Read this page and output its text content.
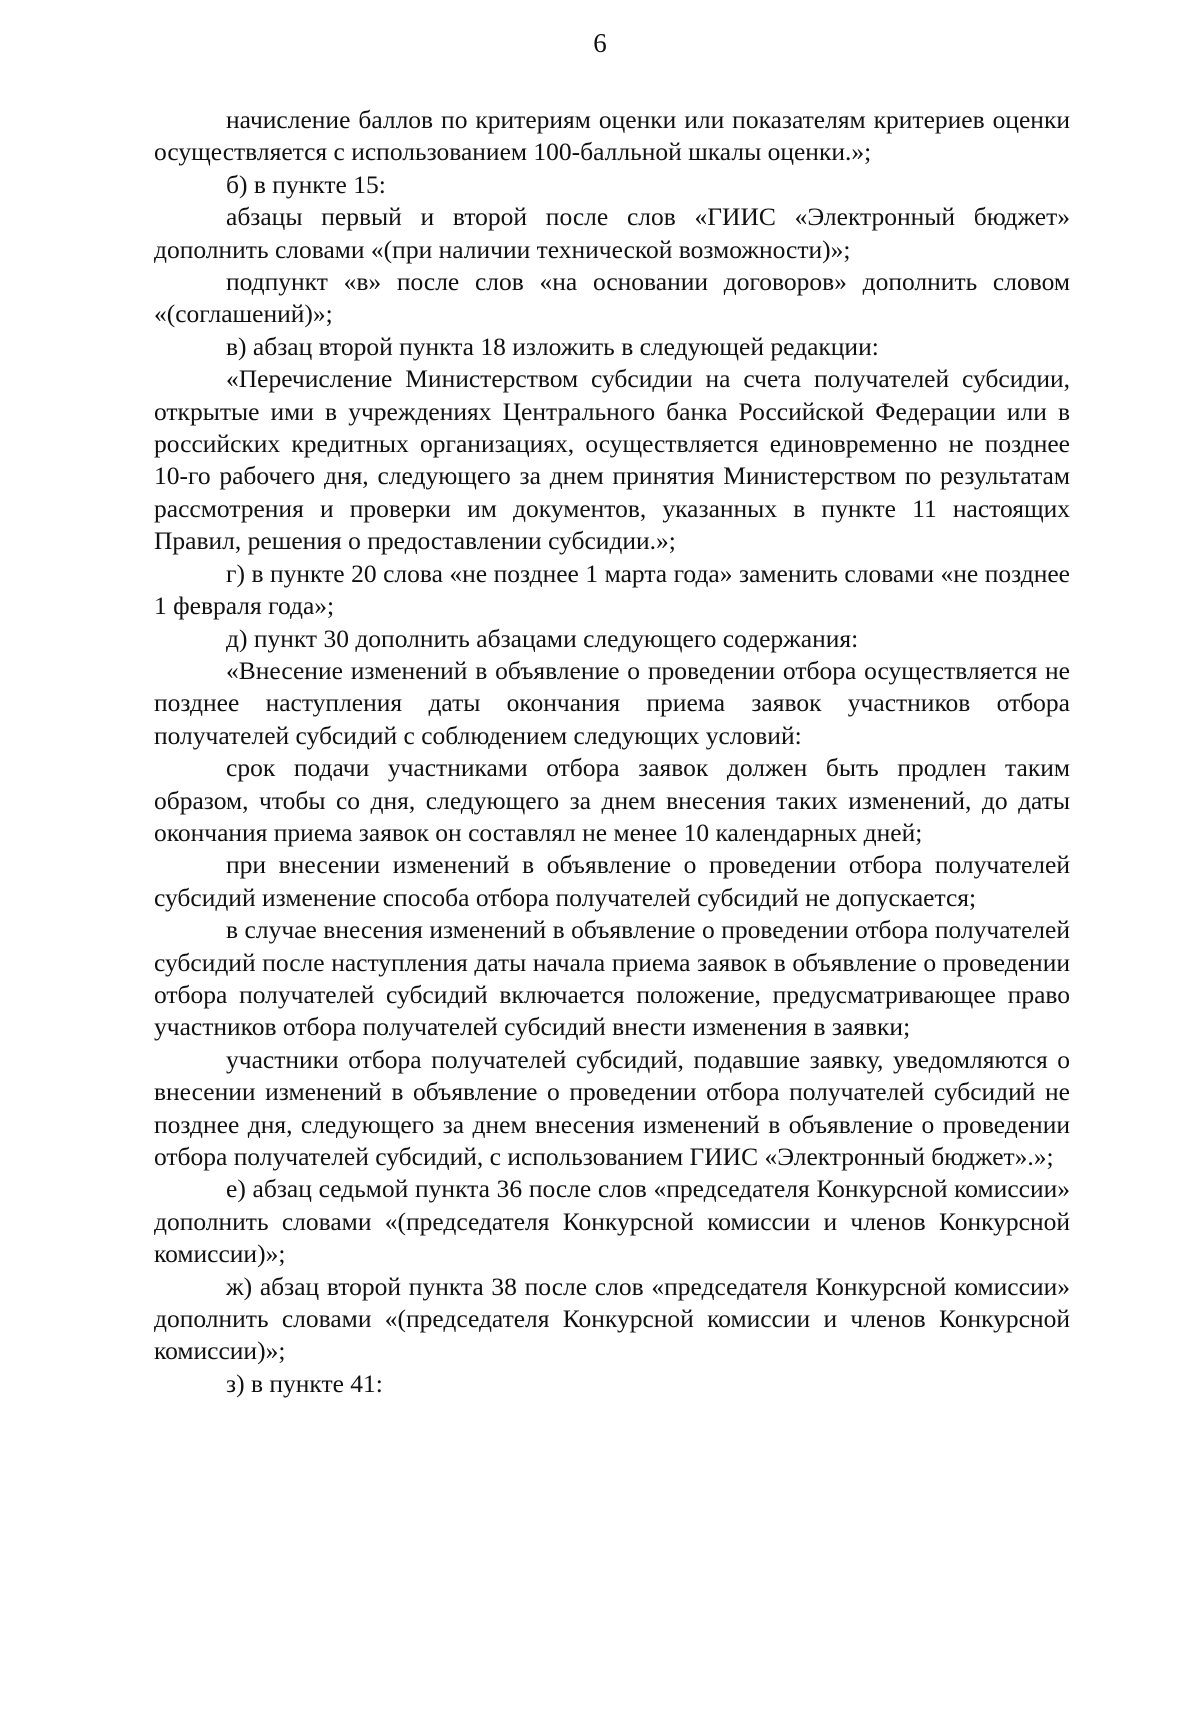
6

начисление баллов по критериям оценки или показателям критериев оценки осуществляется с использованием 100-балльной шкалы оценки.»;

б) в пункте 15:

абзацы первый и второй после слов «ГИИС «Электронный бюджет» дополнить словами «(при наличии технической возможности)»;

подпункт «в» после слов «на основании договоров» дополнить словом «(соглашений)»;

в) абзац второй пункта 18 изложить в следующей редакции:

«Перечисление Министерством субсидии на счета получателей субсидии, открытые ими в учреждениях Центрального банка Российской Федерации или в российских кредитных организациях, осуществляется единовременно не позднее 10-го рабочего дня, следующего за днем принятия Министерством по результатам рассмотрения и проверки им документов, указанных в пункте 11 настоящих Правил, решения о предоставлении субсидии.»;

г) в пункте 20 слова «не позднее 1 марта года» заменить словами «не позднее 1 февраля года»;

д) пункт 30 дополнить абзацами следующего содержания:

«Внесение изменений в объявление о проведении отбора осуществляется не позднее наступления даты окончания приема заявок участников отбора получателей субсидий с соблюдением следующих условий:

срок подачи участниками отбора заявок должен быть продлен таким образом, чтобы со дня, следующего за днем внесения таких изменений, до даты окончания приема заявок он составлял не менее 10 календарных дней;

при внесении изменений в объявление о проведении отбора получателей субсидий изменение способа отбора получателей субсидий не допускается;

в случае внесения изменений в объявление о проведении отбора получателей субсидий после наступления даты начала приема заявок в объявление о проведении отбора получателей субсидий включается положение, предусматривающее право участников отбора получателей субсидий внести изменения в заявки;

участники отбора получателей субсидий, подавшие заявку, уведомляются о внесении изменений в объявление о проведении отбора получателей субсидий не позднее дня, следующего за днем внесения изменений в объявление о проведении отбора получателей субсидий, с использованием ГИИС «Электронный бюджет».»;

е) абзац седьмой пункта 36 после слов «председателя Конкурсной комиссии» дополнить словами «(председателя Конкурсной комиссии и членов Конкурсной комиссии)»;

ж) абзац второй пункта 38 после слов «председателя Конкурсной комиссии» дополнить словами «(председателя Конкурсной комиссии и членов Конкурсной комиссии)»;

з) в пункте 41:
